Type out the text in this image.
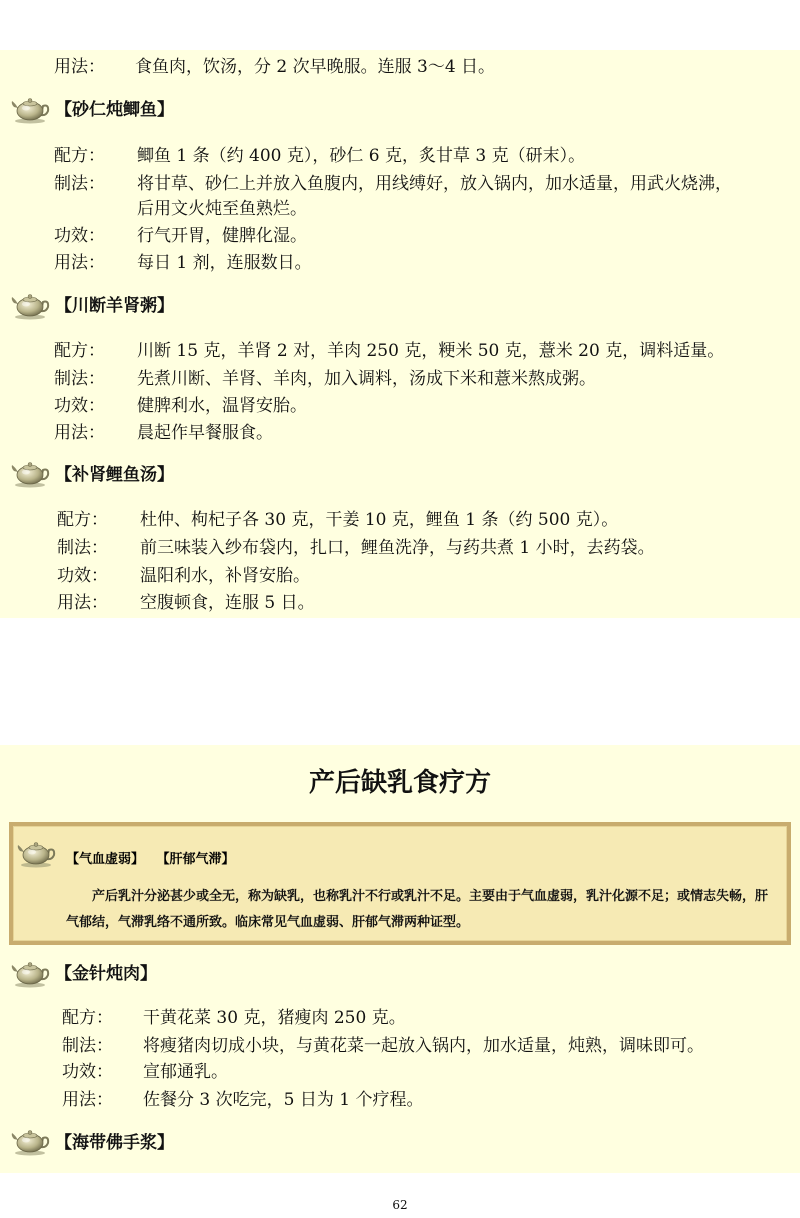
用法： 食鱼肉，饮汤，分 2 次早晚服。连服 3～4 日。
【砂仁炖鲫鱼】
配方： 鲫鱼 1 条（约 400 克），砂仁 6 克，炙甘草 3 克（研末）。
制法： 将甘草、砂仁上并放入鱼腹内，用线缚好，放入锅内，加水适量，用武火烧沸，
后用文火炖至鱼熟烂。
功效： 行气开胃，健脾化湿。
用法： 每日 1 剂，连服数日。
【川断羊肾粥】
配方： 川断 15 克，羊肾 2 对，羊肉 250 克，粳米 50 克，薏米 20 克，调料适量。
制法： 先煮川断、羊肾、羊肉，加入调料，汤成下米和薏米熬成粥。
功效： 健脾利水，温肾安胎。
用法： 晨起作早餐服食。
【补肾鲤鱼汤】
配方： 杜仲、枸杞子各 30 克，干姜 10 克，鲤鱼 1 条（约 500 克）。
制法： 前三味装入纱布袋内，扎口，鲤鱼洗净，与药共煮 1 小时，去药袋。
功效： 温阳利水，补肾安胎。
用法： 空腹顿食，连服 5 日。
产后缺乳食疗方
【气血虚弱】 【肝郁气滞】
产后乳汁分泌甚少或全无，称为缺乳，也称乳汁不行或乳汁不足。主要由于气血虚弱，乳汁化源不足；或情志失畅，肝气郁结，气滞乳络不通所致。临床常见气血虚弱、肝郁气滞两种证型。
【金针炖肉】
配方： 干黄花菜 30 克，猪瘦肉 250 克。
制法： 将瘦猪肉切成小块，与黄花菜一起放入锅内，加水适量，炖熟，调味即可。
功效： 宣郁通乳。
用法： 佐餐分 3 次吃完，5 日为 1 个疗程。
【海带佛手浆】
62
